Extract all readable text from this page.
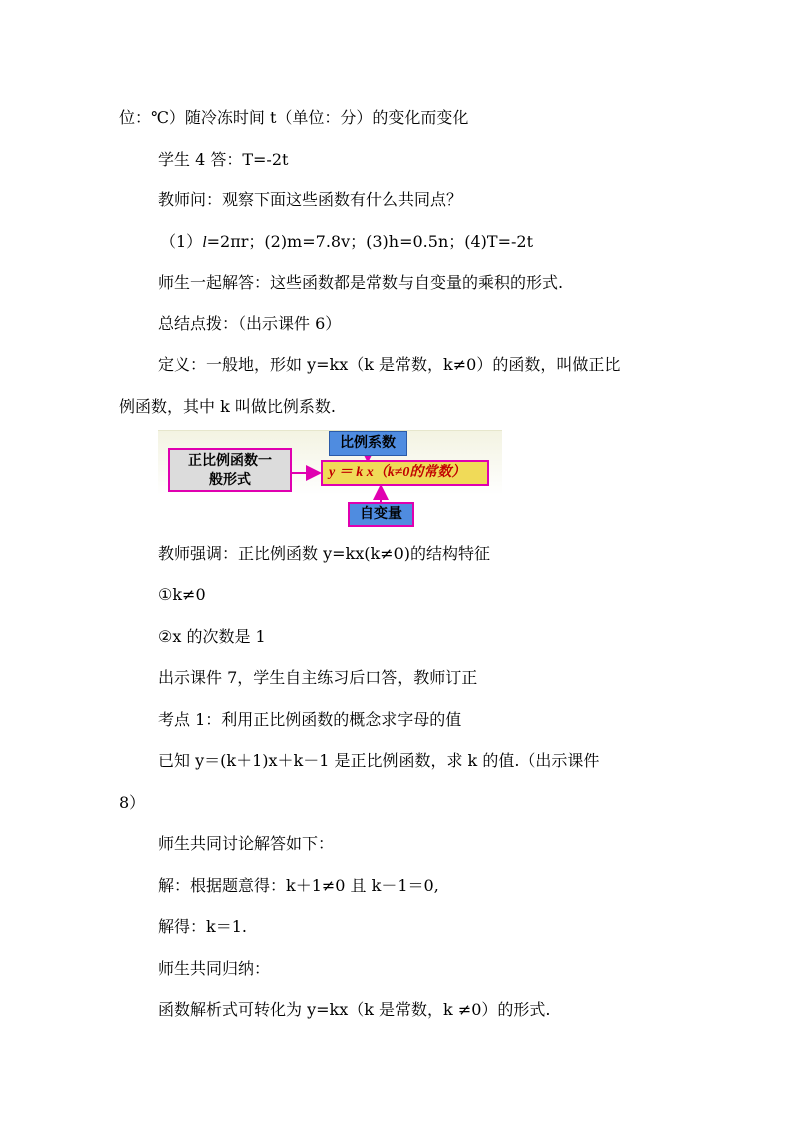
位：℃）随冷冻时间 t（单位：分）的变化而变化
学生 4 答：T=-2t
教师问：观察下面这些函数有什么共同点？
（1）l=2πr；(2)m=7.8v；(3)h=0.5n；(4)T=-2t
师生一起解答：这些函数都是常数与自变量的乘积的形式.
总结点拨：（出示课件 6）
定义：一般地，形如 y=kx（k 是常数，k≠0）的函数，叫做正比
例函数，其中 k 叫做比例系数.
正比例函数一
般形式
比例系数
y ＝ k x（k≠0的常数）
自变量
教师强调：正比例函数 y=kx(k≠0)的结构特征
①k≠0
②x 的次数是 1
出示课件 7，学生自主练习后口答，教师订正
考点 1：利用正比例函数的概念求字母的值
已知 y＝(k＋1)x＋k－1 是正比例函数，求 k 的值.（出示课件
8）
师生共同讨论解答如下：
解：根据题意得：k＋1≠0 且 k－1＝0,
解得：k＝1.
师生共同归纳：
函数解析式可转化为 y=kx（k 是常数，k ≠0）的形式.
